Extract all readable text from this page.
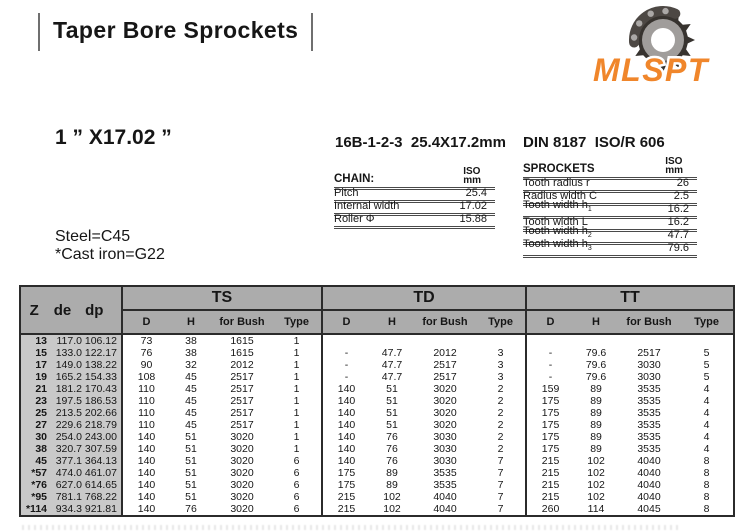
Taper Bore Sprockets
MLSPT
1 ” X17.02 ”	16B-1-2-3  25.4X17.2mm DIN 8187  ISO/R 606
CHAIN:
ISO
mm
Pitch	25.4
Internal width	17.02
Roller Φ	15.88
SPROCKETS
ISO
mm
Tooth radius r	26
Radius width C	2.5
Tooth width $h_1$	16.2
Tooth width L	16.2
Tooth width $h_2$	47.7
Tooth width $h_3$	79.6
Steel=C45
*Cast iron=G22
Z de dp			TS				TD				TT			
			D	H	for Bush	Type	D	H	for Bush	Type	D	H	for Bush	Type
13	117.0	106.12	73	38	1615	1								
15	133.0	122.17	76	38	1615	1	-	47.7	2012	3	-	79.6	2517	5
17	149.0	138.22	90	32	2012	1	-	47.7	2517	3	-	79.6	3030	5
19	165.2	154.33	108	45	2517	1	-	47.7	2517	3	-	79.6	3030	5
21	181.2	170.43	110	45	2517	1	140	51	3020	2	159	89	3535	4
23	197.5	186.53	110	45	2517	1	140	51	3020	2	175	89	3535	4
25	213.5	202.66	110	45	2517	1	140	51	3020	2	175	89	3535	4
27	229.6	218.79	110	45	2517	1	140	51	3020	2	175	89	3535	4
30	254.0	243.00	140	51	3020	1	140	76	3030	2	175	89	3535	4
38	320.7	307.59	140	51	3020	1	140	76	3030	2	175	89	3535	4
45	377.1	364.13	140	51	3020	6	140	76	3030	7	215	102	4040	8
*57	474.0	461.07	140	51	3020	6	175	89	3535	7	215	102	4040	8
*76	627.0	614.65	140	51	3020	6	175	89	3535	7	215	102	4040	8
*95	781.1	768.22	140	51	3020	6	215	102	4040	7	215	102	4040	8
*114	934.3	921.81	140	76	3020	6	215	102	4040	7	260	114	4045	8
